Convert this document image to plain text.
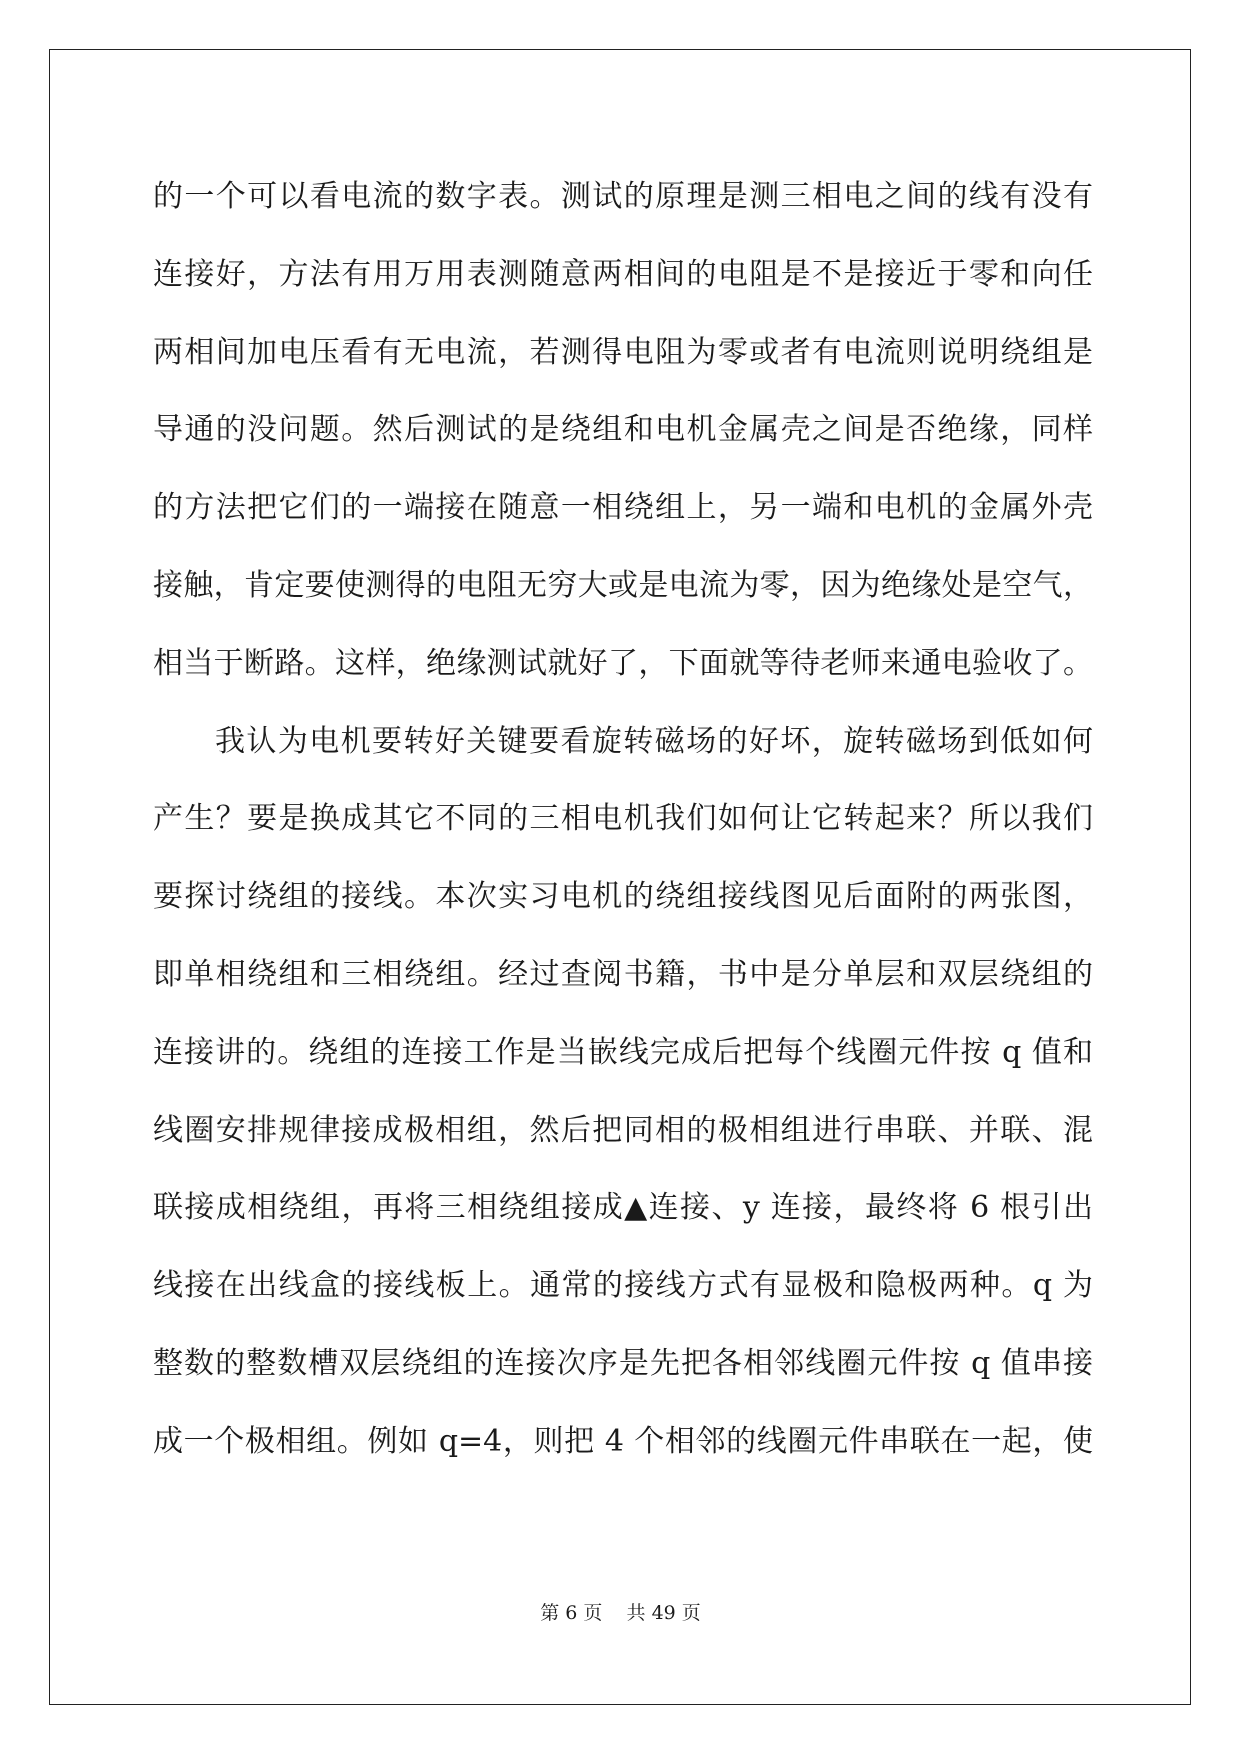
的一个可以看电流的数字表。测试的原理是测三相电之间的线有没有
连接好，方法有用万用表测随意两相间的电阻是不是接近于零和向任
两相间加电压看有无电流，若测得电阻为零或者有电流则说明绕组是
导通的没问题。然后测试的是绕组和电机金属壳之间是否绝缘，同样
的方法把它们的一端接在随意一相绕组上，另一端和电机的金属外壳
接触，肯定要使测得的电阻无穷大或是电流为零，因为绝缘处是空气，
相当于断路。这样，绝缘测试就好了，下面就等待老师来通电验收了。
我认为电机要转好关键要看旋转磁场的好坏，旋转磁场到低如何
产生？要是换成其它不同的三相电机我们如何让它转起来？所以我们
要探讨绕组的接线。本次实习电机的绕组接线图见后面附的两张图，
即单相绕组和三相绕组。经过查阅书籍，书中是分单层和双层绕组的
连接讲的。绕组的连接工作是当嵌线完成后把每个线圈元件按 q 值和
线圈安排规律接成极相组，然后把同相的极相组进行串联、并联、混
联接成相绕组，再将三相绕组接成▲连接、y 连接，最终将 6 根引出
线接在出线盒的接线板上。通常的接线方式有显极和隐极两种。q 为
整数的整数槽双层绕组的连接次序是先把各相邻线圈元件按 q 值串接
成一个极相组。例如 q=4，则把 4 个相邻的线圈元件串联在一起，使
第 6 页 共 49 页
